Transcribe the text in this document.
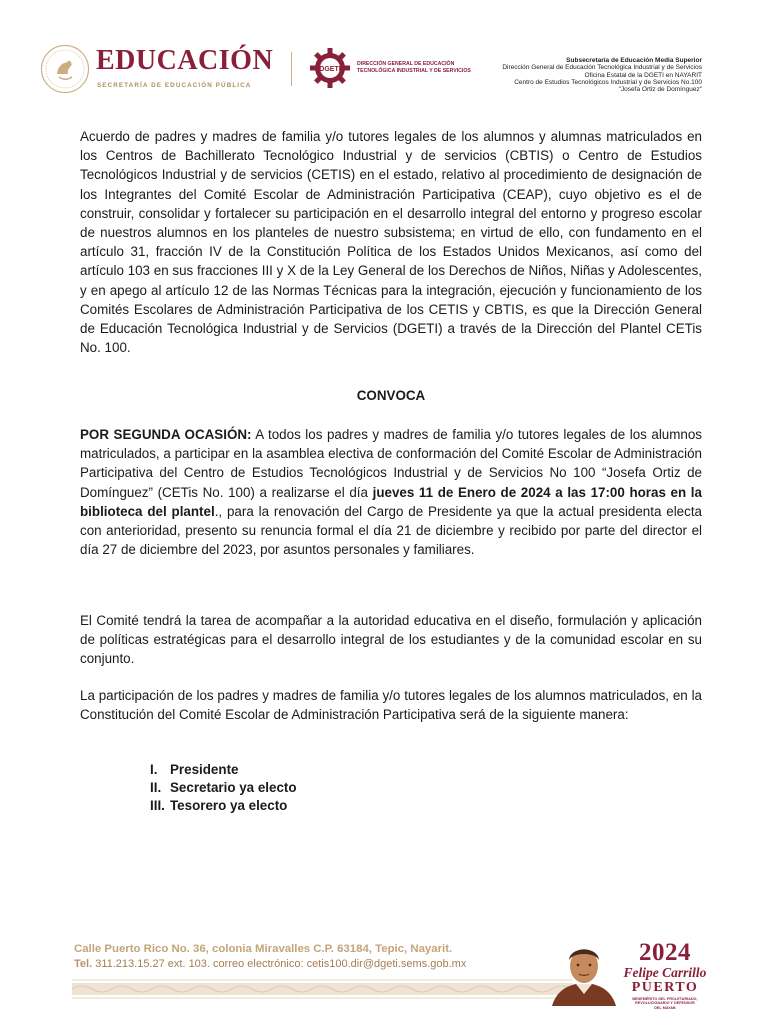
EDUCACIÓN
SECRETARÍA DE EDUCACIÓN PÚBLICA
DGETI
DIRECCIÓN GENERAL DE EDUCACIÓN
TECNOLÓGICA INDUSTRIAL Y DE SERVICIOS
Subsecretaría de Educación Media Superior
Dirección General de Educación Tecnológica Industrial y de Servicios
Oficina Estatal de la DGETI en NAYARIT
Centro de Estudios Tecnológicos Industrial y de Servicios No.100
"Josefa Ortiz de Domínguez"

Acuerdo de padres y madres de familia y/o tutores legales de los alumnos y alumnas matriculados en los Centros de Bachillerato Tecnológico Industrial y de servicios (CBTIS) o Centro de Estudios Tecnológicos Industrial y de servicios (CETIS) en el estado, relativo al procedimiento de designación de los Integrantes del Comité Escolar de Administración Participativa (CEAP), cuyo objetivo es el de construir, consolidar y fortalecer su participación en el desarrollo integral del entorno y progreso escolar de nuestros alumnos en los planteles de nuestro subsistema; en virtud de ello, con fundamento en el artículo 31, fracción IV de la Constitución Política de los Estados Unidos Mexicanos, así como del artículo 103 en sus fracciones III y X de la Ley General de los Derechos de Niños, Niñas y Adolescentes, y en apego al artículo 12 de las Normas Técnicas para la integración, ejecución y funcionamiento de los Comités Escolares de Administración Participativa de los CETIS y CBTIS, es que la Dirección General de Educación Tecnológica Industrial y de Servicios (DGETI) a través de la Dirección del Plantel CETis No. 100.

CONVOCA

POR SEGUNDA OCASIÓN: A todos los padres y madres de familia y/o tutores legales de los alumnos matriculados, a participar en la asamblea electiva de conformación del Comité Escolar de Administración Participativa del Centro de Estudios Tecnológicos Industrial y de Servicios No 100 “Josefa Ortiz de Domínguez” (CETis No. 100) a realizarse el día jueves 11 de Enero de 2024 a las 17:00 horas en la biblioteca del plantel., para la renovación del Cargo de Presidente ya que la actual presidenta electa con anterioridad, presento su renuncia formal el día 21 de diciembre y recibido por parte del director el día 27 de diciembre del 2023, por asuntos personales y familiares.

El Comité tendrá la tarea de acompañar a la autoridad educativa en el diseño, formulación y aplicación de políticas estratégicas para el desarrollo integral de los estudiantes y de la comunidad escolar en su conjunto.

La participación de los padres y madres de familia y/o tutores legales de los alumnos matriculados, en la Constitución del Comité Escolar de Administración Participativa será de la siguiente manera:

I. Presidente
II. Secretario ya electo
III. Tesorero ya electo
Calle Puerto Rico No. 36, colonia Miravalles C.P. 63184, Tepic, Nayarit.
Tel. 311.213.15.27 ext. 103. correo electrónico: cetis100.dir@dgeti.sems.gob.mx	2024
Felipe Carrillo
PUERTO
BENEMÉRITO DEL PROLETARIADO,
REVOLUCIONARIO Y DEFENSOR
DEL MAYAB
